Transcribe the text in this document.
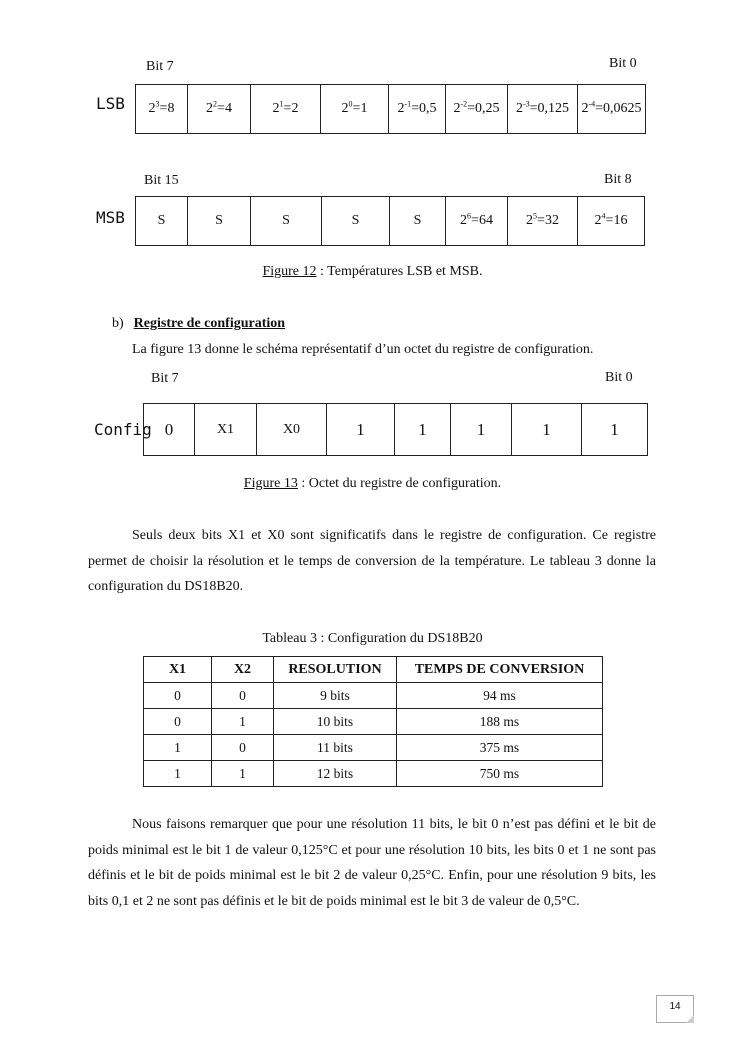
Bit 7	Bit 0
LSB $2^3=8$	$2^2=4$	$2^1=2$	$2^0=1$	$2^{-1}=0,5$	$2^{-2}=0,25$	$2^{-3}=0,125$	$2^{-4}=0,0625$
Bit 15	Bit 8
MSB S	S	S	S	S	$2^6=64$	$2^5=32$	$2^4=16$
Figure 12 : Températures LSB et MSB.
b) Registre de configuration
La figure 13 donne le schéma représentatif d’un octet du registre de configuration.
Bit 7	Bit 0
Config 0	X1	X0	1	1	1	1	1
Figure 13 : Octet du registre de configuration.

Seuls deux bits X1 et X0 sont significatifs dans le registre de configuration. Ce registre permet de choisir la résolution et le temps de conversion de la température. Le tableau 3 donne la configuration du DS18B20.

Tableau 3 : Configuration du DS18B20
X1	X2	RESOLUTION	TEMPS DE CONVERSION
0	0	9 bits	94 ms
0	1	10 bits	188 ms
1	0	11 bits	375 ms
1	1	12 bits	750 ms

Nous faisons remarquer que pour une résolution 11 bits, le bit 0 n’est pas défini et le bit de poids minimal est le bit 1 de valeur 0,125°C et pour une résolution 10 bits, les bits 0 et 1 ne sont pas définis et le bit de poids minimal est le bit 2 de valeur 0,25°C. Enfin, pour une résolution 9 bits, les bits 0,1 et 2 ne sont pas définis et le bit de poids minimal est le bit 3 de valeur de 0,5°C.

14
